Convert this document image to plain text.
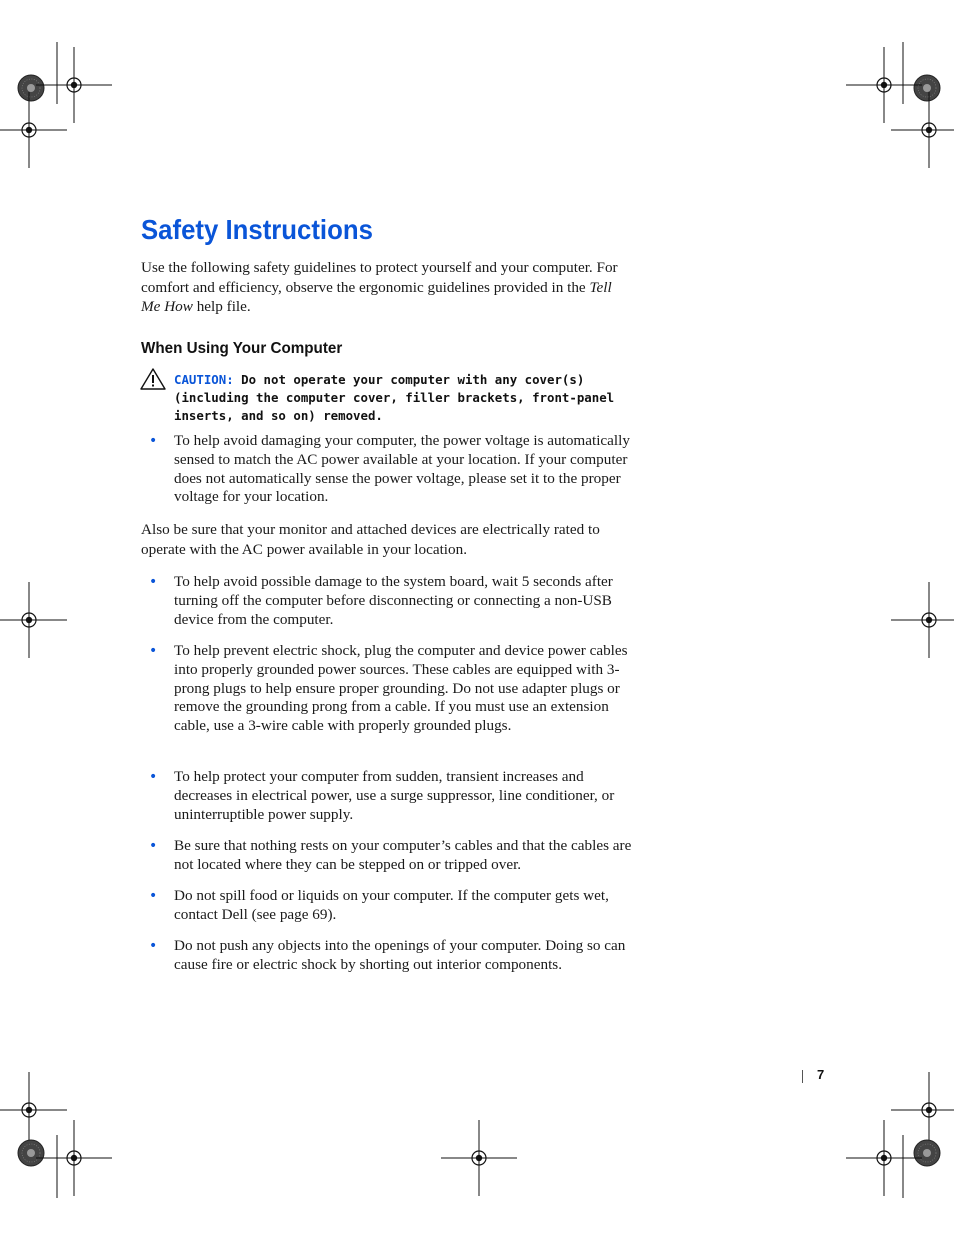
Safety Instructions

Use the following safety guidelines to protect yourself and your computer. For comfort and efficiency, observe the ergonomic guidelines provided in the Tell Me How help file.

When Using Your Computer
CAUTION: Do not operate your computer with any cover(s) (including the computer cover, filler brackets, front-panel inserts, and so on) removed.
• To help avoid damaging your computer, the power voltage is automatically sensed to match the AC power available at your location. If your computer does not automatically sense the power voltage, please set it to the proper voltage for your location.

Also be sure that your monitor and attached devices are electrically rated to operate with the AC power available in your location.

• To help avoid possible damage to the system board, wait 5 seconds after turning off the computer before disconnecting or connecting a non-USB device from the computer.

• To help prevent electric shock, plug the computer and device power cables into properly grounded power sources. These cables are equipped with 3-prong plugs to help ensure proper grounding. Do not use adapter plugs or remove the grounding prong from a cable. If you must use an extension cable, use a 3-wire cable with properly grounded plugs.

• To help protect your computer from sudden, transient increases and decreases in electrical power, use a surge suppressor, line conditioner, or uninterruptible power supply.

• Be sure that nothing rests on your computer’s cables and that the cables are not located where they can be stepped on or tripped over.

• Do not spill food or liquids on your computer. If the computer gets wet, contact Dell (see page 69).

• Do not push any objects into the openings of your computer. Doing so can cause fire or electric shock by shorting out interior components.

7
